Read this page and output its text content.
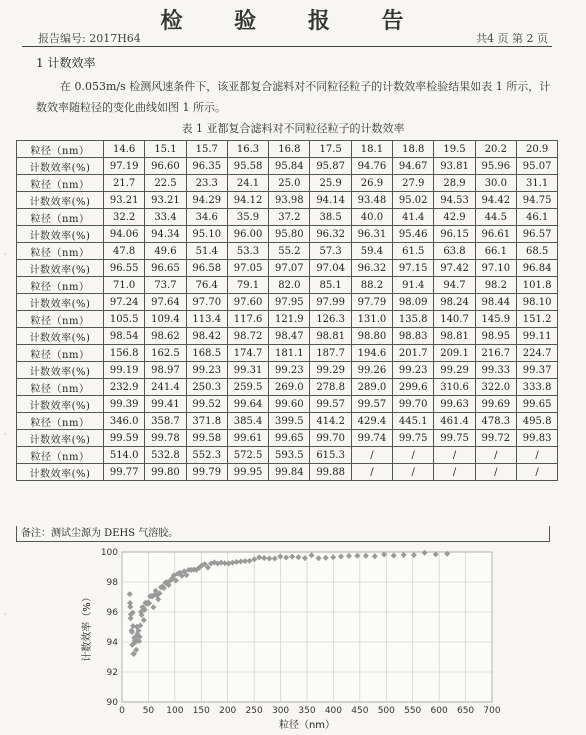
检 验 报 告
报告编号: 2017H64	共4 页 第 2 页
1 计数效率
在 0.053m/s 检测风速条件下，该亚都复合滤料对不同粒径粒子的计数效率检验结果如表 1 所示，计数效率随粒径的变化曲线如图 1 所示。
表 1 亚都复合滤料对不同粒径粒子的计数效率
粒径（nm）	14.6	15.1	15.7	16.3	16.8	17.5	18.1	18.8	19.5	20.2	20.9
计数效率(%)	97.19	96.60	96.35	95.58	95.84	95.87	94.76	94.67	93.81	95.96	95.07
粒径（nm）	21.7	22.5	23.3	24.1	25.0	25.9	26.9	27.9	28.9	30.0	31.1
计数效率(%)	93.21	93.21	94.29	94.12	93.98	94.14	93.48	95.02	94.53	94.42	94.75
粒径（nm）	32.2	33.4	34.6	35.9	37.2	38.5	40.0	41.4	42.9	44.5	46.1
计数效率(%)	94.06	94.34	95.10	96.00	95.80	96.32	96.31	95.46	96.15	96.61	96.57
粒径（nm）	47.8	49.6	51.4	53.3	55.2	57.3	59.4	61.5	63.8	66.1	68.5
计数效率(%)	96.55	96.65	96.58	97.05	97.07	97.04	96.32	97.15	97.42	97.10	96.84
粒径（nm）	71.0	73.7	76.4	79.1	82.0	85.1	88.2	91.4	94.7	98.2	101.8
计数效率(%)	97.24	97.64	97.70	97.60	97.95	97.99	97.79	98.09	98.24	98.44	98.10
粒径（nm）	105.5	109.4	113.4	117.6	121.9	126.3	131.0	135.8	140.7	145.9	151.2
计数效率(%)	98.54	98.62	98.42	98.72	98.47	98.81	98.80	98.83	98.81	98.95	99.11
粒径（nm）	156.8	162.5	168.5	174.7	181.1	187.7	194.6	201.7	209.1	216.7	224.7
计数效率(%)	99.19	98.97	99.23	99.31	99.23	99.29	99.26	99.23	99.29	99.33	99.37
粒径（nm）	232.9	241.4	250.3	259.5	269.0	278.8	289.0	299.6	310.6	322.0	333.8
计数效率(%)	99.39	99.41	99.52	99.64	99.60	99.57	99.57	99.70	99.63	99.69	99.65
粒径（nm）	346.0	358.7	371.8	385.4	399.5	414.2	429.4	445.1	461.4	478.3	495.8
计数效率(%)	99.59	99.78	99.58	99.61	99.65	99.70	99.74	99.75	99.75	99.72	99.83
粒径（nm）	514.0	532.8	552.3	572.5	593.5	615.3	/	/	/	/	/
计数效率(%)	99.77	99.80	99.79	99.95	99.84	99.88	/	/	/	/	/
备注：测试尘源为 DEHS 气溶胶。
0 50 100 150 200 250 300 350 400 450 500 550 600 650 700
90
92
94
96
98
100
粒径（nm）
计数效率（%）
·
·
·
